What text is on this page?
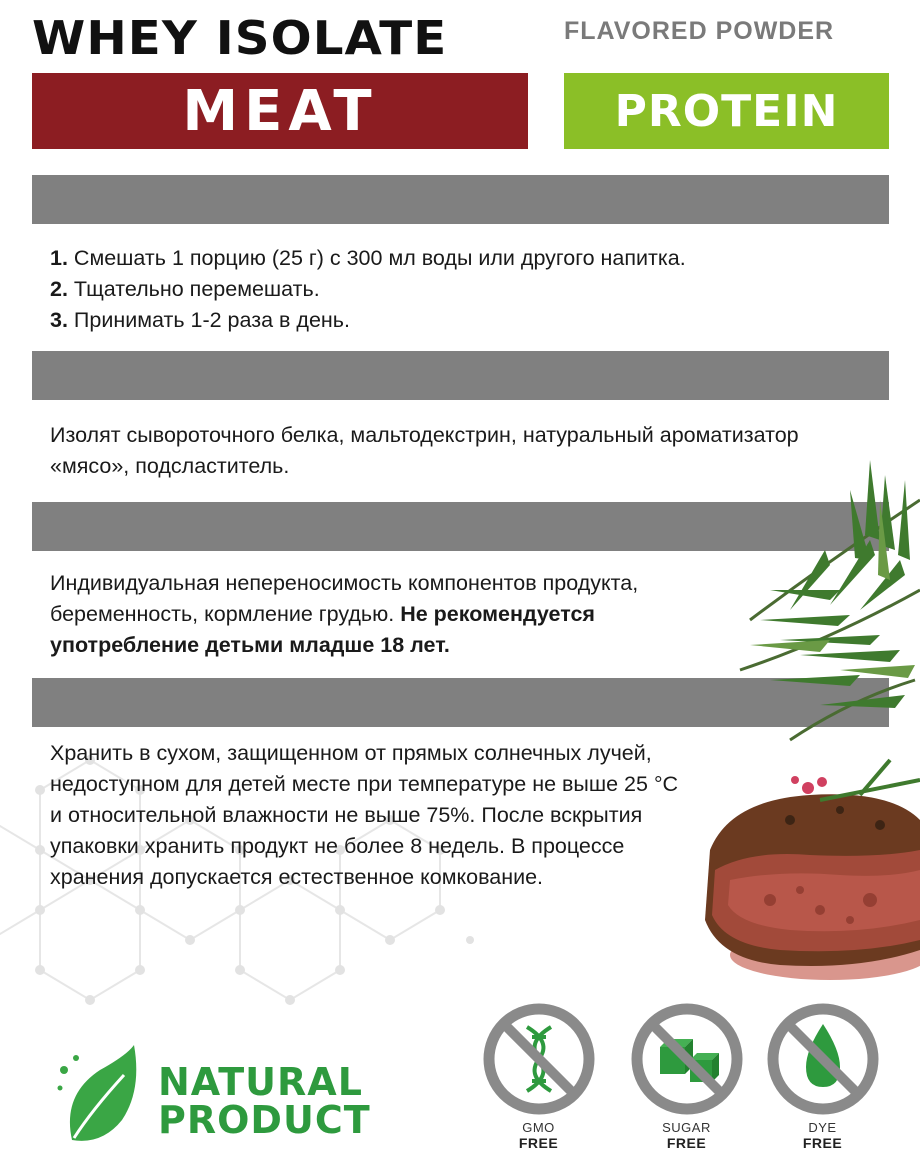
WHEY ISOLATE	FLAVORED POWDER
MEAT	PROTEIN
1. Смешать 1 порцию (25 г) с 300 мл воды или другого напитка.
2. Тщательно перемешать.
3. Принимать 1-2 раза в день.
Изолят сывороточного белка, мальтодекстрин, натуральный ароматизатор
«мясо», подсластитель.
Индивидуальная непереносимость компонентов продукта,
беременность, кормление грудью. Не рекомендуется
употребление детьми младше 18 лет.
Хранить в сухом, защищенном от прямых солнечных лучей,
недоступном для детей месте при температуре не выше 25 °С
и относительной влажности не выше 75%. После вскрытия
упаковки хранить продукт не более 8 недель. В процессе
хранения допускается естественное комкование.
NATURAL
PRODUCT	GMO
FREE
SUGAR
FREE
DYE
FREE
